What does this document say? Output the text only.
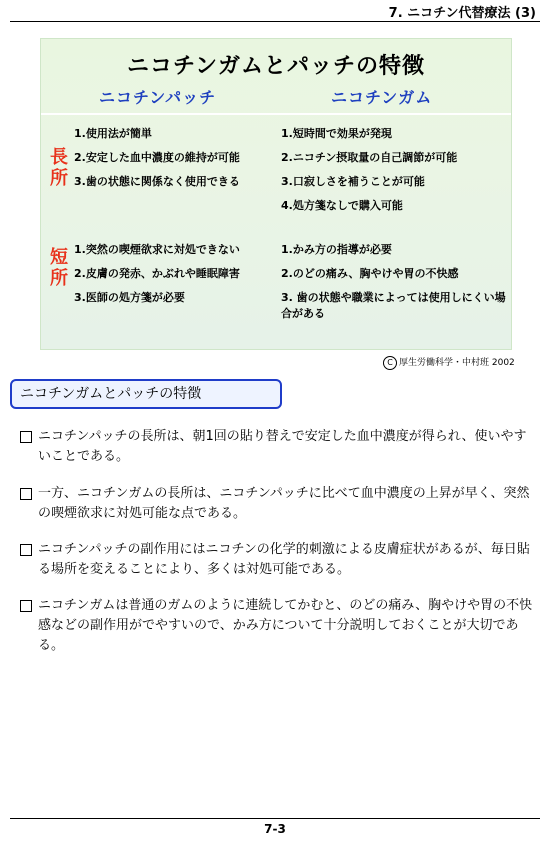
7. ニコチン代替療法 (3)
ニコチンガムとパッチの特徴
ニコチンパッチ	ニコチンガム
長
所
1.使用法が簡単
2.安定した血中濃度の維持が可能
3.歯の状態に関係なく使用できる
1.短時間で効果が発現
2.ニコチン摂取量の自己調節が可能
3.口寂しさを補うことが可能
4.処方箋なしで購入可能
短
所
1.突然の喫煙欲求に対処できない
2.皮膚の発赤、かぶれや睡眠障害
3.医師の処方箋が必要
1.かみ方の指導が必要
2.のどの痛み、胸やけや胃の不快感
3. 歯の状態や職業によっては使用しにくい場合がある
C 厚生労働科学・中村班 2002
ニコチンガムとパッチの特徴
ニコチンパッチの長所は、朝1回の貼り替えで安定した血中濃度が得られ、使いやすいことである。
一方、ニコチンガムの長所は、ニコチンパッチに比べて血中濃度の上昇が早く、突然の喫煙欲求に対処可能な点である。
ニコチンパッチの副作用にはニコチンの化学的刺激による皮膚症状があるが、毎日貼る場所を変えることにより、多くは対処可能である。
ニコチンガムは普通のガムのように連続してかむと、のどの痛み、胸やけや胃の不快感などの副作用がでやすいので、かみ方について十分説明しておくことが大切である。
7-3
